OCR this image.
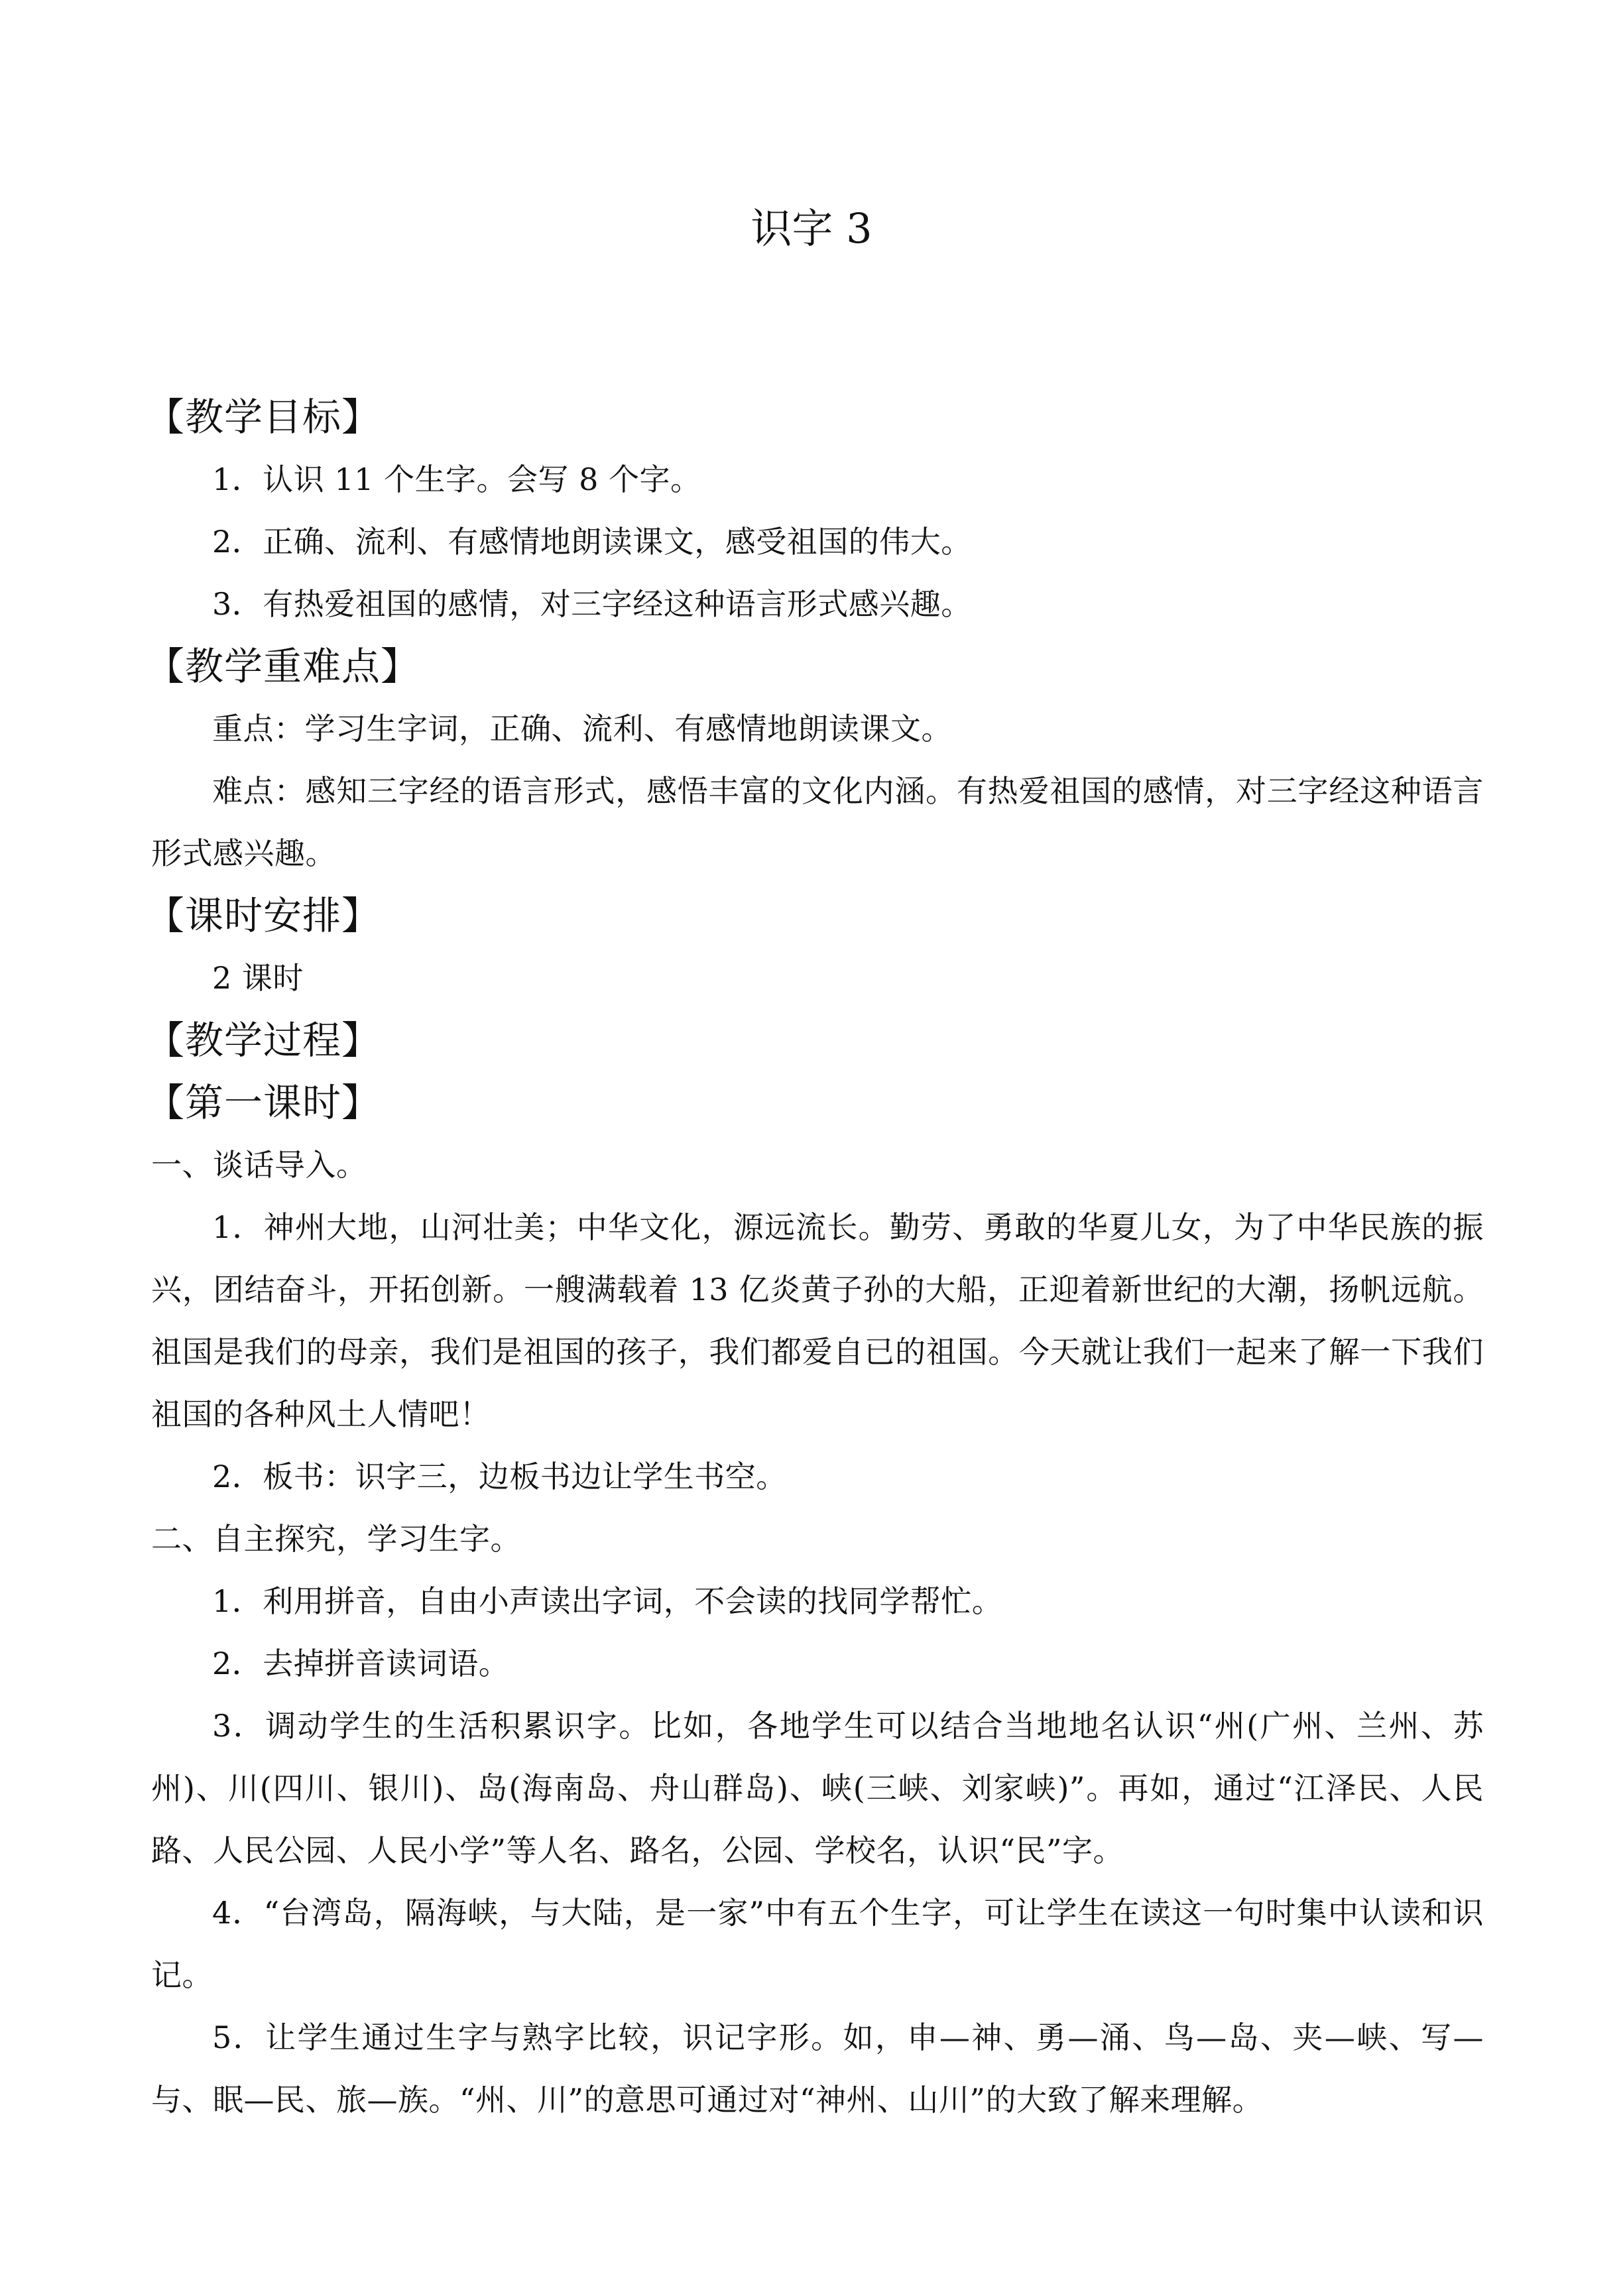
识字 3
【教学目标】
1．认识 11 个生字。会写 8 个字。
2．正确、流利、有感情地朗读课文，感受祖国的伟大。
3．有热爱祖国的感情，对三字经这种语言形式感兴趣。
【教学重难点】
重点：学习生字词，正确、流利、有感情地朗读课文。
难点：感知三字经的语言形式，感悟丰富的文化内涵。有热爱祖国的感情，对三字经这种语言形式感兴趣。
【课时安排】
2 课时
【教学过程】
【第一课时】
一、谈话导入。
1．神州大地，山河壮美；中华文化，源远流长。勤劳、勇敢的华夏儿女，为了中华民族的振兴，团结奋斗，开拓创新。一艘满载着 13 亿炎黄子孙的大船，正迎着新世纪的大潮，扬帆远航。祖国是我们的母亲，我们是祖国的孩子，我们都爱自已的祖国。今天就让我们一起来了解一下我们祖国的各种风土人情吧！
2．板书：识字三，边板书边让学生书空。
二、自主探究，学习生字。
1．利用拼音，自由小声读出字词，不会读的找同学帮忙。
2．去掉拼音读词语。
3．调动学生的生活积累识字。比如，各地学生可以结合当地地名认识“州(广州、兰州、苏州)、川(四川、银川)、岛(海南岛、舟山群岛)、峡(三峡、刘家峡)”。再如，通过“江泽民、人民路、人民公园、人民小学”等人名、路名，公园、学校名，认识“民”字。
4．“台湾岛，隔海峡，与大陆，是一家”中有五个生字，可让学生在读这一句时集中认读和识记。
5．让学生通过生字与熟字比较，识记字形。如，申—神、勇—涌、鸟—岛、夹—峡、写—与、眠—民、旅—族。“州、川”的意思可通过对“神州、山川”的大致了解来理解。
